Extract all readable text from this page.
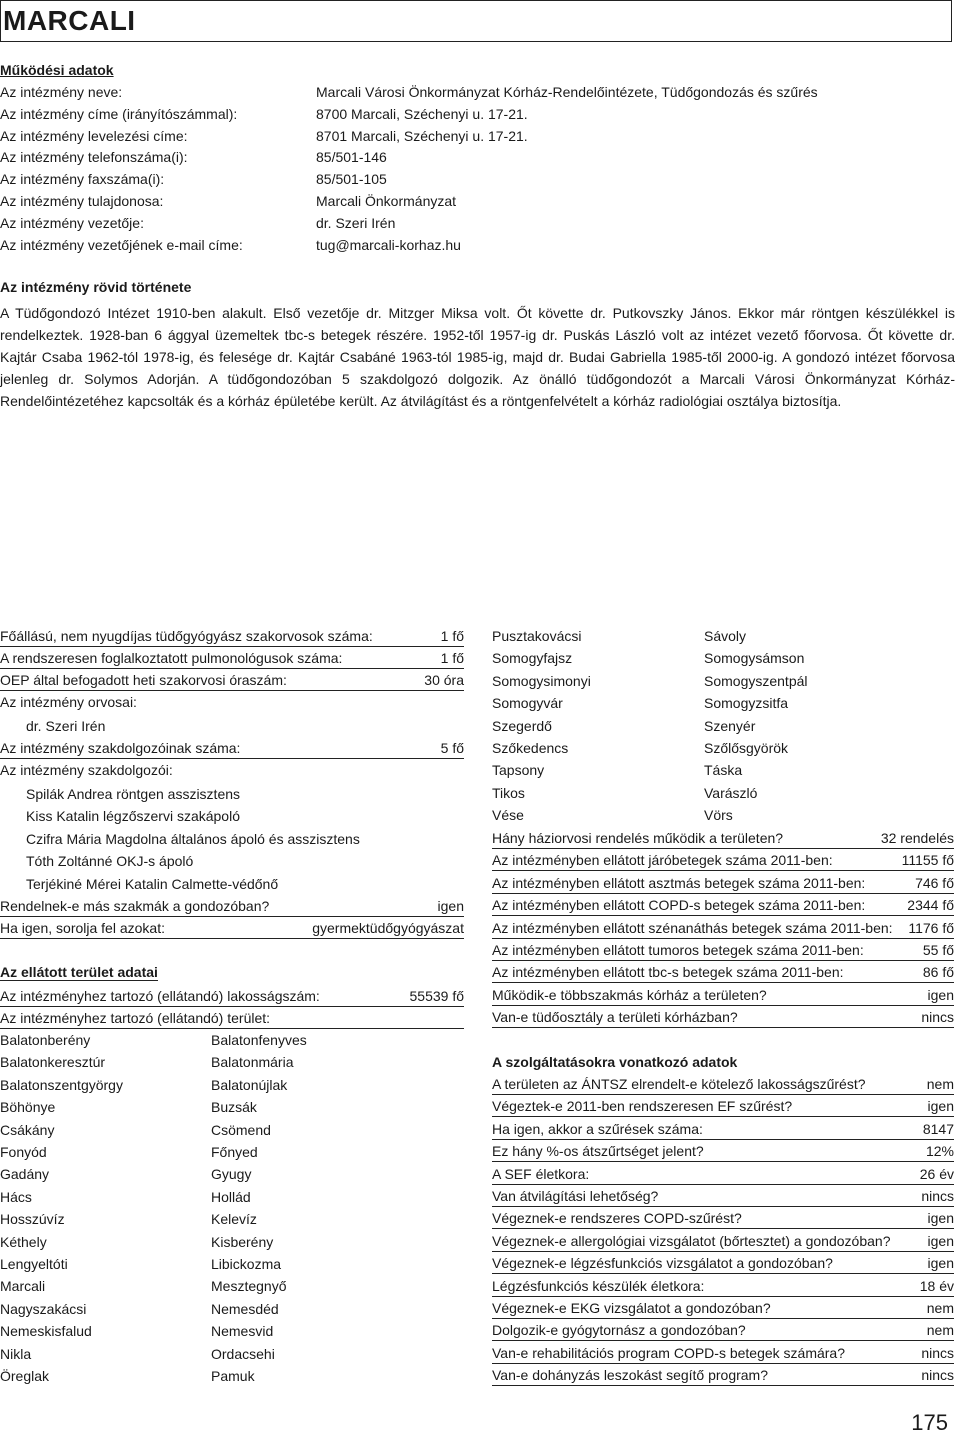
MARCALI
Működési adatok
Az intézmény neve:	Marcali Városi Önkormányzat Kórház-Rendelőintézete, Tüdőgondozás és szűrés
Az intézmény címe (irányítószámmal):	8700 Marcali, Széchenyi u. 17-21.
Az intézmény levelezési címe:	8701 Marcali, Széchenyi u. 17-21.
Az intézmény telefonszáma(i):	85/501-146
Az intézmény faxszáma(i):	85/501-105
Az intézmény tulajdonosa:	Marcali Önkormányzat
Az intézmény vezetője:	dr. Szeri Irén
Az intézmény vezetőjének e-mail címe:	tug@marcali-korhaz.hu
Az intézmény rövid története
A Tüdőgondozó Intézet 1910-ben alakult. Első vezetője dr. Mitzger Miksa volt. Őt követte dr. Putkovszky János. Ekkor már röntgen készülékkel is rendelkeztek. 1928-ban 6 ággyal üzemeltek tbc-s betegek részére. 1952-től 1957-ig dr. Puskás László volt az intézet vezető főorvosa. Őt követte dr. Kajtár Csaba 1962-tól 1978-ig, és felesége dr. Kajtár Csabáné 1963-tól 1985-ig, majd dr. Budai Gabriella 1985-től 2000-ig. A gondozó intézet főorvosa jelenleg dr. Solymos Adorján. A tüdőgondozóban 5 szakdolgozó dolgozik. Az önálló tüdőgondozót a Marcali Városi Önkormányzat Kórház-Rendelőintézetéhez kapcsolták és a kórház épületébe került. Az átvilágítást és a röntgenfelvételt a kórház radiológiai osztálya biztosítja.
Főállású, nem nyugdíjas tüdőgyógyász szakorvosok száma:	1 fő
A rendszeresen foglalkoztatott pulmonológusok száma:	1 fő
OEP által befogadott heti szakorvosi óraszám:	30 óra
Az intézmény orvosai:
dr. Szeri Irén
Az intézmény szakdolgozóinak száma:	5 fő
Az intézmény szakdolgozói:
Spilák Andrea röntgen asszisztens
Kiss Katalin légzőszervi szakápoló
Czifra Mária Magdolna általános ápoló és asszisztens
Tóth Zoltánné OKJ-s ápoló
Terjékiné Mérei Katalin Calmette-védőnő
Rendelnek-e más szakmák a gondozóban?	igen
Ha igen, sorolja fel azokat:	gyermektüdőgyógyászat
Az ellátott terület adatai
Az intézményhez tartozó (ellátandó) lakosságszám:	55539 fő
Az intézményhez tartozó (ellátandó) terület:
Balatonberény	Balatonfenyves
Balatonkeresztúr	Balatonmária
Balatonszentgyörgy	Balatonújlak
Böhönye	Buzsák
Csákány	Csömend
Fonyód	Főnyed
Gadány	Gyugy
Hács	Hollád
Hosszúvíz	Kelevíz
Kéthely	Kisberény
Lengyeltóti	Libickozma
Marcali	Mesztegnyő
Nagyszakácsi	Nemesdéd
Nemeskisfalud	Nemesvid
Nikla	Ordacsehi
Öreglak	Pamuk
Pusztakovácsi	Sávoly
Somogyfajsz	Somogysámson
Somogysimonyi	Somogyszentpál
Somogyvár	Somogyzsitfa
Szegerdő	Szenyér
Szőkedencs	Szőlősgyörök
Tapsony	Táska
Tikos	Varászló
Vése	Vörs
Hány háziorvosi rendelés működik a területen?	32 rendelés
Az intézményben ellátott járóbetegek száma 2011-ben:	11155 fő
Az intézményben ellátott asztmás betegek száma 2011-ben:	746 fő
Az intézményben ellátott COPD-s betegek száma 2011-ben:	2344 fő
Az intézményben ellátott szénanáthás betegek száma 2011-ben: 1176 fő
Az intézményben ellátott tumoros betegek száma 2011-ben:	55 fő
Az intézményben ellátott tbc-s betegek száma 2011-ben:	86 fő
Működik-e többszakmás kórház a területen?	igen
Van-e tüdőosztály a területi kórházban?	nincs
A szolgáltatásokra vonatkozó adatok
A területen az ÁNTSZ elrendelt-e kötelező lakosságszűrést?	nem
Végeztek-e 2011-ben rendszeresen EF szűrést?	igen
Ha igen, akkor a szűrések száma:	8147
Ez hány %-os átszűrtséget jelent?	12%
A SEF életkora:	26 év
Van átvilágítási lehetőség?	nincs
Végeznek-e rendszeres COPD-szűrést?	igen
Végeznek-e allergológiai vizsgálatot (bőrtesztet) a gondozóban?	igen
Végeznek-e légzésfunkciós vizsgálatot a gondozóban?	igen
Légzésfunkciós készülék életkora:	18 év
Végeznek-e EKG vizsgálatot a gondozóban?	nem
Dolgozik-e gyógytornász a gondozóban?	nem
Van-e rehabilitációs program COPD-s betegek számára?	nincs
Van-e dohányzás leszokást segítő program?	nincs
175
